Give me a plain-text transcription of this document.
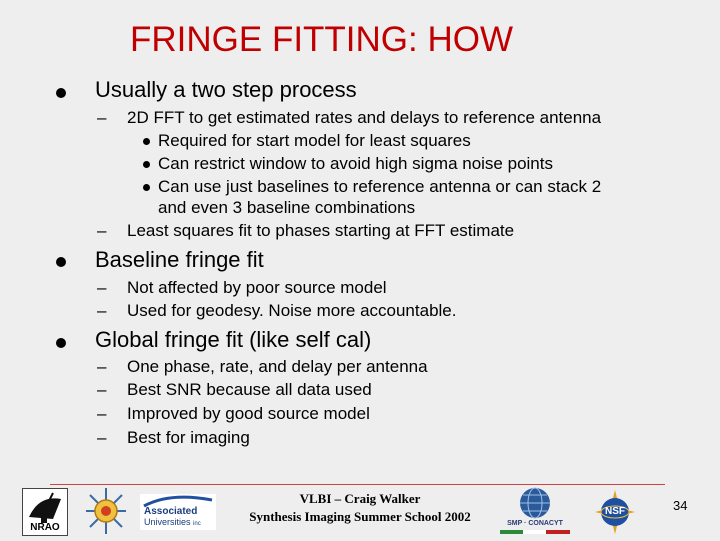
FRINGE FITTING: HOW
Usually a two step process
– 2D FFT to get estimated rates and delays to reference antenna
Required for start model for least squares
Can restrict window to avoid high sigma noise points
Can use just baselines to reference antenna or can stack 2
and even 3 baseline combinations
– Least squares fit to phases starting at FFT estimate
Baseline fringe fit
– Not affected by poor source model
– Used for geodesy. Noise more accountable.
Global fringe fit (like self cal)
– One phase, rate, and delay per antenna
– Best SNR because all data used
– Improved by good source model
– Best for imaging
NRAO
Associated
Universities inc
VLBI – Craig Walker
Synthesis Imaging Summer School 2002	SMP · CONACYT
NSF	34
